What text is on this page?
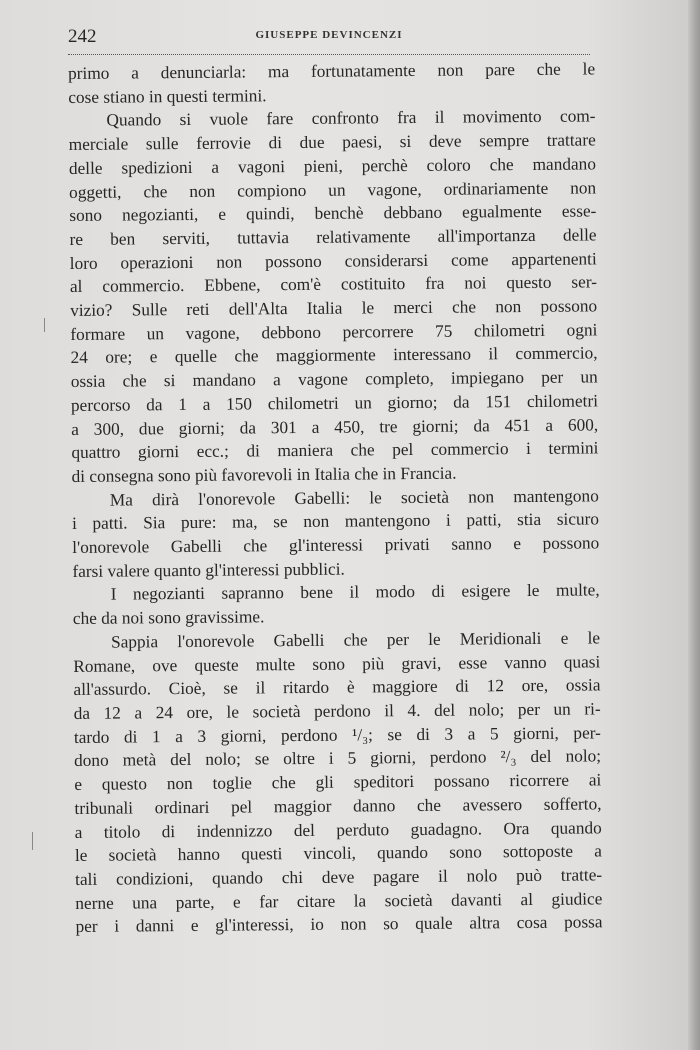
242	GIUSEPPE DEVINCENZI
primo a denunciarla: ma fortunatamente non pare che le
cose stiano in questi termini.
Quando si vuole fare confronto fra il movimento com-
merciale sulle ferrovie di due paesi, si deve sempre trattare
delle spedizioni a vagoni pieni, perchè coloro che mandano
oggetti, che non compiono un vagone, ordinariamente non
sono negozianti, e quindi, benchè debbano egualmente esse-
re ben serviti, tuttavia relativamente all'importanza delle
loro operazioni non possono considerarsi come appartenenti
al commercio. Ebbene, com'è costituito fra noi questo ser-
vizio? Sulle reti dell'Alta Italia le merci che non possono
formare un vagone, debbono percorrere 75 chilometri ogni
24 ore; e quelle che maggiormente interessano il commercio,
ossia che si mandano a vagone completo, impiegano per un
percorso da 1 a 150 chilometri un giorno; da 151 chilometri
a 300, due giorni; da 301 a 450, tre giorni; da 451 a 600,
quattro giorni ecc.; di maniera che pel commercio i termini
di consegna sono più favorevoli in Italia che in Francia.
Ma dirà l'onorevole Gabelli: le società non mantengono
i patti. Sia pure: ma, se non mantengono i patti, stia sicuro
l'onorevole Gabelli che gl'interessi privati sanno e possono
farsi valere quanto gl'interessi pubblici.
I negozianti sapranno bene il modo di esigere le multe,
che da noi sono gravissime.
Sappia l'onorevole Gabelli che per le Meridionali e le
Romane, ove queste multe sono più gravi, esse vanno quasi
all'assurdo. Cioè, se il ritardo è maggiore di 12 ore, ossia
da 12 a 24 ore, le società perdono il 4. del nolo; per un ri-
tardo di 1 a 3 giorni, perdono ¹/₃; se di 3 a 5 giorni, per-
dono metà del nolo; se oltre i 5 giorni, perdono ²/₃ del nolo;
e questo non toglie che gli speditori possano ricorrere ai
tribunali ordinari pel maggior danno che avessero sofferto,
a titolo di indennizzo del perduto guadagno. Ora quando
le società hanno questi vincoli, quando sono sottoposte a
tali condizioni, quando chi deve pagare il nolo può tratte-
nerne una parte, e far citare la società davanti al giudice
per i danni e gl'interessi, io non so quale altra cosa possa
